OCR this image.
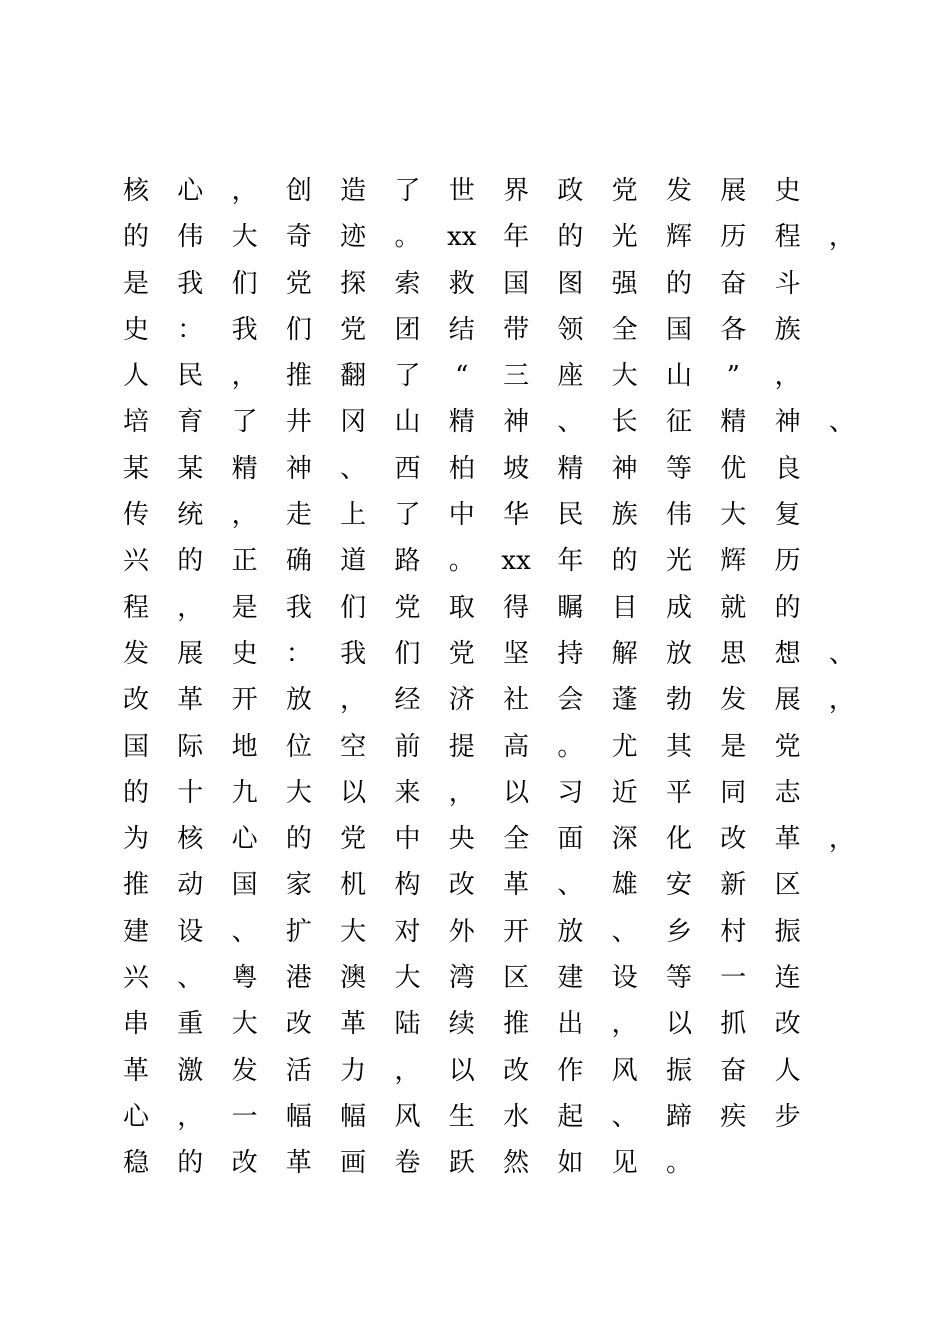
核 心 ， 创 造 了 世 界 政 党 发 展 史
的 伟 大 奇 迹 。 xx 年 的 光 辉 历 程 ，
是 我 们 党 探 索 救 国 图 强 的 奋 斗
史 ： 我 们 党 团 结 带 领 全 国 各 族
人 民 ， 推 翻 了	“	三 座 大 山	”	，
培 育 了 井 冈 山 精 神 、 长 征 精 神 、
某 某 精 神 、 西 柏 坡 精 神 等 优 良
传 统 ， 走 上 了 中 华 民 族 伟 大 复
兴 的 正 确 道 路 。 xx 年 的 光 辉 历
程 ， 是 我 们 党 取 得 瞩 目 成 就 的
发 展 史 ： 我 们 党 坚 持 解 放 思 想 、
改 革 开 放 ， 经 济 社 会 蓬 勃 发 展 ，
国 际 地 位 空 前 提 高 。 尤 其 是 党
的 十 九 大 以 来 ， 以 习 近 平 同 志
为 核 心 的 党 中 央 全 面 深 化 改 革 ，
推 动 国 家 机 构 改 革 、 雄 安 新 区
建 设 、 扩 大 对 外 开 放 、 乡 村 振
兴 、 粤 港 澳 大 湾 区 建 设 等 一 连
串 重 大 改 革 陆 续 推 出 ， 以 抓 改
革 激 发 活 力 ， 以 改 作 风 振 奋 人
心 ， 一 幅 幅 风 生 水 起 、 蹄 疾 步
稳 的 改 革 画 卷 跃 然 如 见 。
